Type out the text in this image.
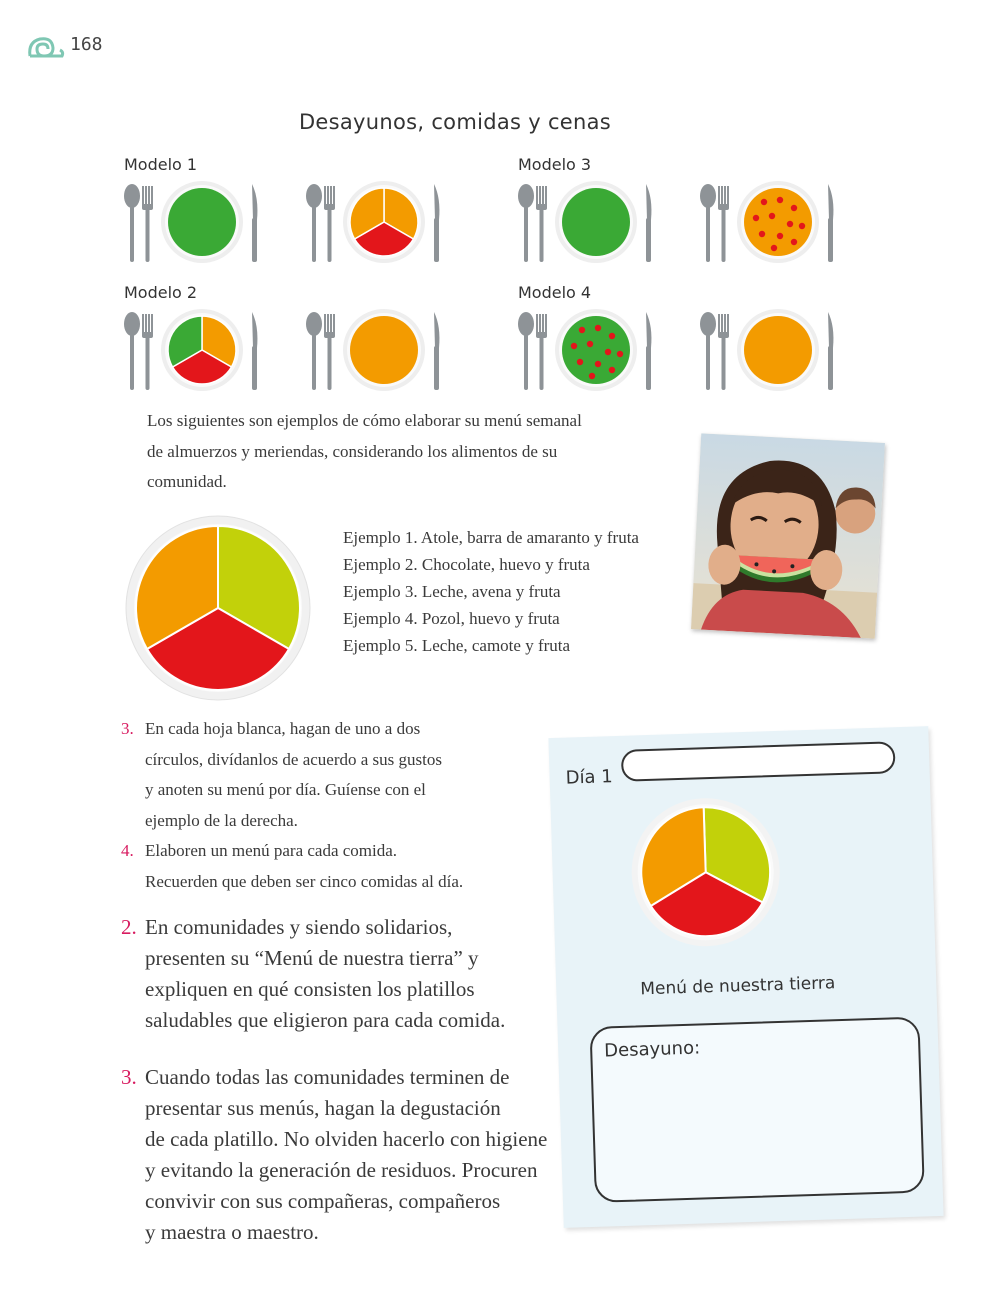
168
Desayunos, comidas y cenas
Modelo 1	Modelo 3
Modelo 2	Modelo 4
Los siguientes son ejemplos de cómo elaborar su menú semanal
de almuerzos y meriendas, considerando los alimentos de su
comunidad.
Ejemplo 1. Atole, barra de amaranto y fruta
Ejemplo 2. Chocolate, huevo y fruta
Ejemplo 3. Leche, avena y fruta
Ejemplo 4. Pozol, huevo y fruta
Ejemplo 5. Leche, camote y fruta
3. En cada hoja blanca, hagan de uno a dos
círculos, divídanlos de acuerdo a sus gustos
y anoten su menú por día. Guíense con el
ejemplo de la derecha.
4. Elaboren un menú para cada comida.
Recuerden que deben ser cinco comidas al día.
2. En comunidades y siendo solidarios,
presenten su “Menú de nuestra tierra” y
expliquen en qué consisten los platillos
saludables que eligieron para cada comida.
3. Cuando todas las comunidades terminen de
presentar sus menús, hagan la degustación
de cada platillo. No olviden hacerlo con higiene
y evitando la generación de residuos. Procuren
convivir con sus compañeras, compañeros
y maestra o maestro.
Día 1
Menú de nuestra tierra
Desayuno:
